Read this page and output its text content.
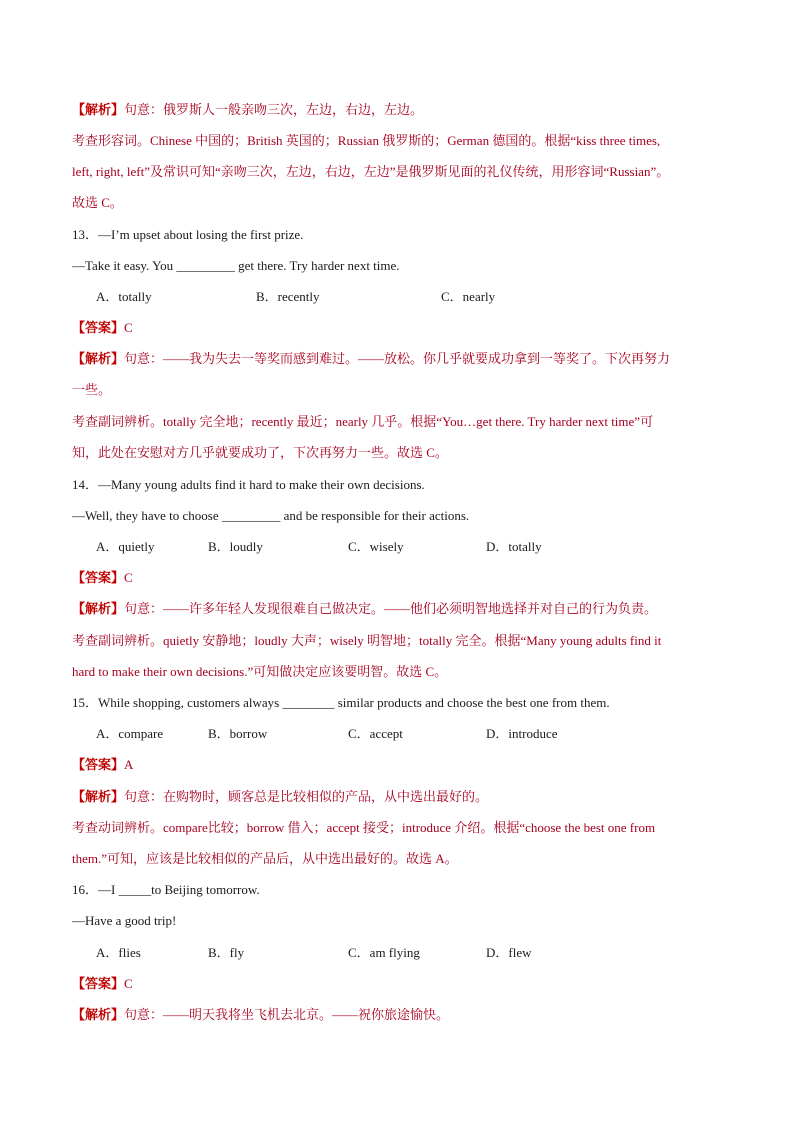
【解析】句意：俄罗斯人一般亲吻三次，左边，右边，左边。
考查形容词。Chinese 中国的；British 英国的；Russian 俄罗斯的；German 德国的。根据“kiss three times,
left, right, left”及常识可知“亲吻三次，左边，右边，左边”是俄罗斯见面的礼仪传统，用形容词“Russian”。
故选 C。
13．—I’m upset about losing the first prize.
—Take it easy. You _________ get there. Try harder next time.
A．totally	B．recently	C．nearly
【答案】C
【解析】句意：——我为失去一等奖而感到难过。——放松。你几乎就要成功拿到一等奖了。下次再努力
一些。
考查副词辨析。totally 完全地；recently 最近；nearly 几乎。根据“You…get there. Try harder next time”可
知，此处在安慰对方几乎就要成功了，下次再努力一些。故选 C。
14．—Many young adults find it hard to make their own decisions.
—Well, they have to choose _________ and be responsible for their actions.
A．quietly	B．loudly	C．wisely	D．totally
【答案】C
【解析】句意：——许多年轻人发现很难自己做决定。——他们必须明智地选择并对自己的行为负责。
考查副词辨析。quietly 安静地；loudly 大声；wisely 明智地；totally 完全。根据“Many young adults find it
hard to make their own decisions.”可知做决定应该要明智。故选 C。
15．While shopping, customers always ________ similar products and choose the best one from them.
A．compare	B．borrow	C．accept	D．introduce
【答案】A
【解析】句意：在购物时，顾客总是比较相似的产品，从中选出最好的。
考查动词辨析。compare比较；borrow 借入；accept 接受；introduce 介绍。根据“choose the best one from
them.”可知，应该是比较相似的产品后，从中选出最好的。故选 A。
16．—I _____to Beijing tomorrow.
—Have a good trip!
A．flies	B．fly	C．am flying	D．flew
【答案】C
【解析】句意：——明天我将坐飞机去北京。——祝你旅途愉快。
